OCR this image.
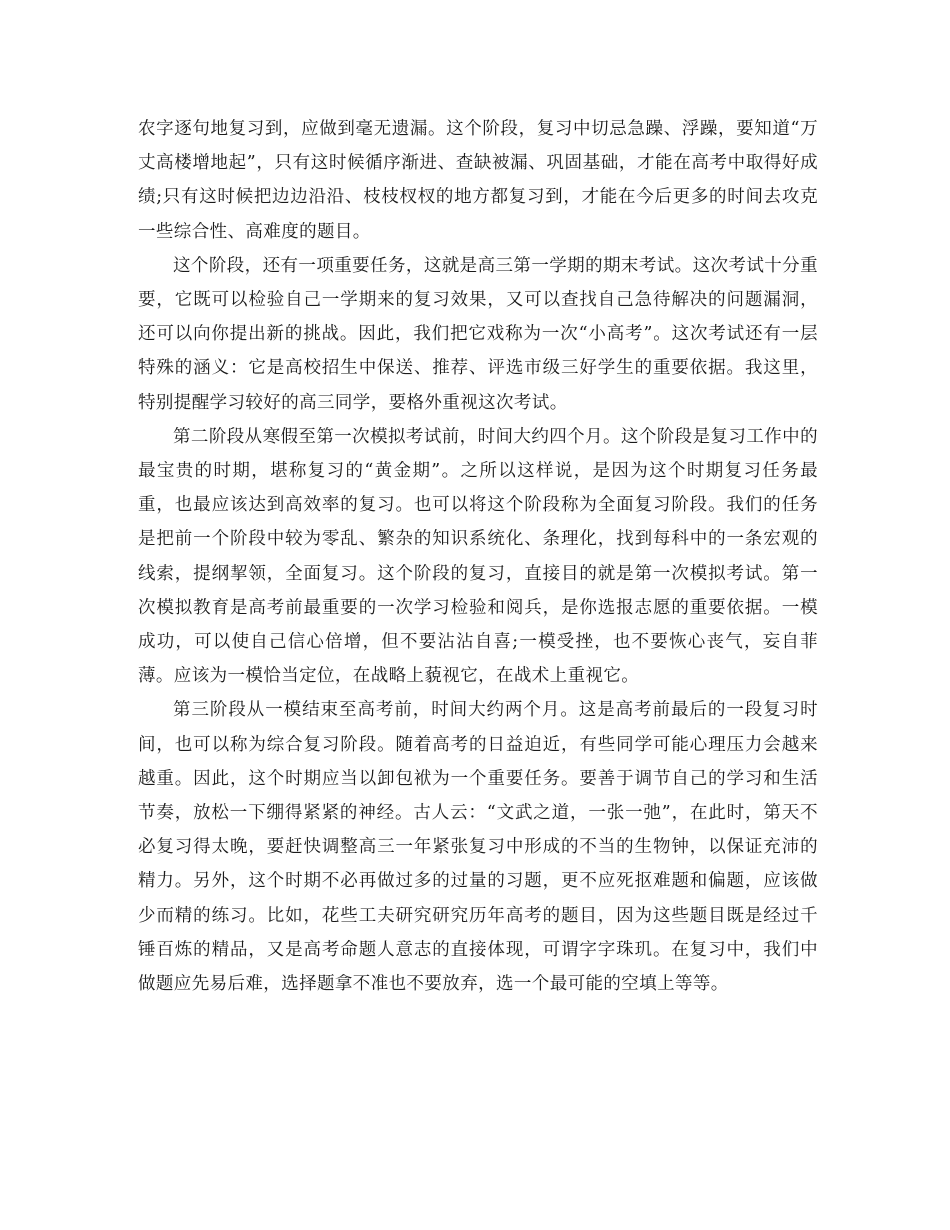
农字逐句地复习到，应做到毫无遗漏。这个阶段，复习中切忌急躁、浮躁，要知道“万丈高楼增地起”，只有这时候循序渐进、查缺被漏、巩固基础，才能在高考中取得好成绩;只有这时候把边边沿沿、枝枝杈杈的地方都复习到，才能在今后更多的时间去攻克一些综合性、高难度的题目。

这个阶段，还有一项重要任务，这就是高三第一学期的期末考试。这次考试十分重要，它既可以检验自己一学期来的复习效果，又可以查找自己急待解决的问题漏洞，还可以向你提出新的挑战。因此，我们把它戏称为一次“小高考”。这次考试还有一层特殊的涵义：它是高校招生中保送、推荐、评选市级三好学生的重要依据。我这里，特别提醒学习较好的高三同学，要格外重视这次考试。

第二阶段从寒假至第一次模拟考试前，时间大约四个月。这个阶段是复习工作中的最宝贵的时期，堪称复习的“黄金期”。之所以这样说，是因为这个时期复习任务最重，也最应该达到高效率的复习。也可以将这个阶段称为全面复习阶段。我们的任务是把前一个阶段中较为零乱、繁杂的知识系统化、条理化，找到每科中的一条宏观的线索，提纲挈领，全面复习。这个阶段的复习，直接目的就是第一次模拟考试。第一次模拟教育是高考前最重要的一次学习检验和阅兵，是你选报志愿的重要依据。一模成功，可以使自己信心倍增，但不要沾沾自喜;一模受挫，也不要恢心丧气，妄自菲薄。应该为一模恰当定位，在战略上藐视它，在战术上重视它。

第三阶段从一模结束至高考前，时间大约两个月。这是高考前最后的一段复习时间，也可以称为综合复习阶段。随着高考的日益迫近，有些同学可能心理压力会越来越重。因此，这个时期应当以卸包袱为一个重要任务。要善于调节自己的学习和生活节奏，放松一下绷得紧紧的神经。古人云：“文武之道，一张一弛”，在此时，第天不必复习得太晚，要赶快调整高三一年紧张复习中形成的不当的生物钟，以保证充沛的精力。另外，这个时期不必再做过多的过量的习题，更不应死抠难题和偏题，应该做少而精的练习。比如，花些工夫研究研究历年高考的题目，因为这些题目既是经过千锤百炼的精品，又是高考命题人意志的直接体现，可谓字字珠玑。在复习中，我们中做题应先易后难，选择题拿不准也不要放弃，选一个最可能的空填上等等。
